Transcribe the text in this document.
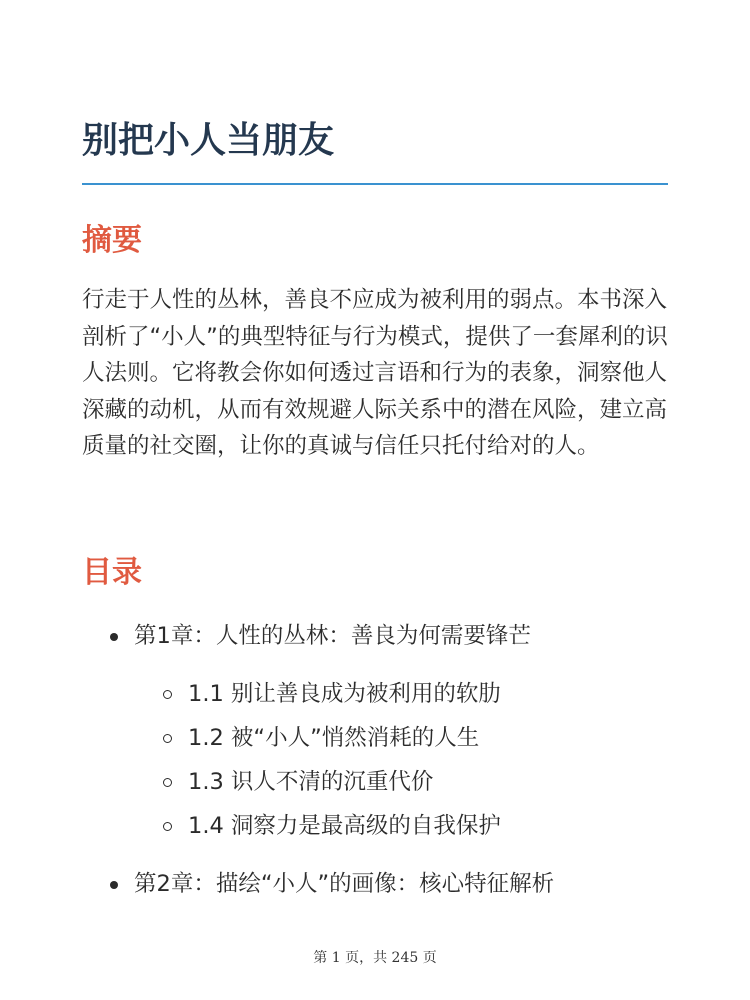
别把小人当朋友
摘要

行走于人性的丛林，善良不应成为被利用的弱点。本书深入剖析了“小人”的典型特征与行为模式，提供了一套犀利的识人法则。它将教会你如何透过言语和行为的表象，洞察他人深藏的动机，从而有效规避人际关系中的潜在风险，建立高质量的社交圈，让你的真诚与信任只托付给对的人。

目录
第1章：人性的丛林：善良为何需要锋芒
1.1 别让善良成为被利用的软肋
1.2 被“小人”悄然消耗的人生
1.3 识人不清的沉重代价
1.4 洞察力是最高级的自我保护
第2章：描绘“小人”的画像：核心特征解析
第 1 页，共 245 页
